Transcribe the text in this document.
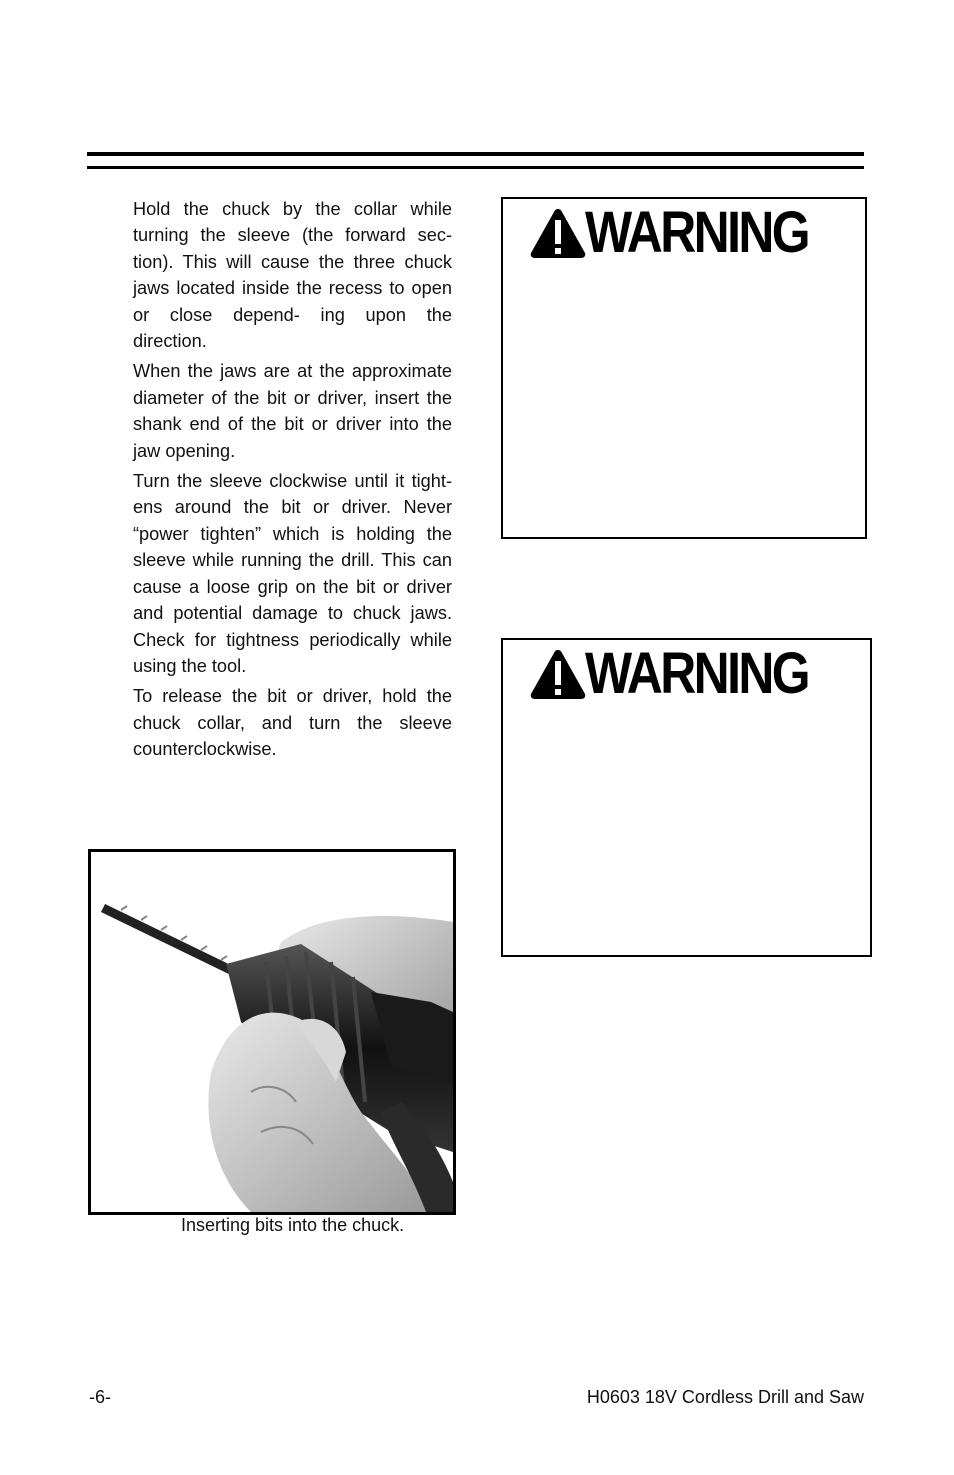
Hold the chuck by the collar while turning the sleeve (the forward sec- tion). This will cause the three chuck jaws located inside the recess to open or close depend- ing upon the direction.

When the jaws are at the approximate diameter of the bit or driver, insert the shank end of the bit or driver into the jaw opening.

Turn the sleeve clockwise until it tight- ens around the bit or driver. Never “power tighten” which is holding the sleeve while running the drill. This can cause a loose grip on the bit or driver and potential damage to chuck jaws. Check for tightness periodically while using the tool.

To release the bit or driver, hold the chuck collar, and turn the sleeve counterclockwise.

Inserting bits into the chuck.
WARNING
WARNING
-6-	H0603 18V Cordless Drill and Saw
